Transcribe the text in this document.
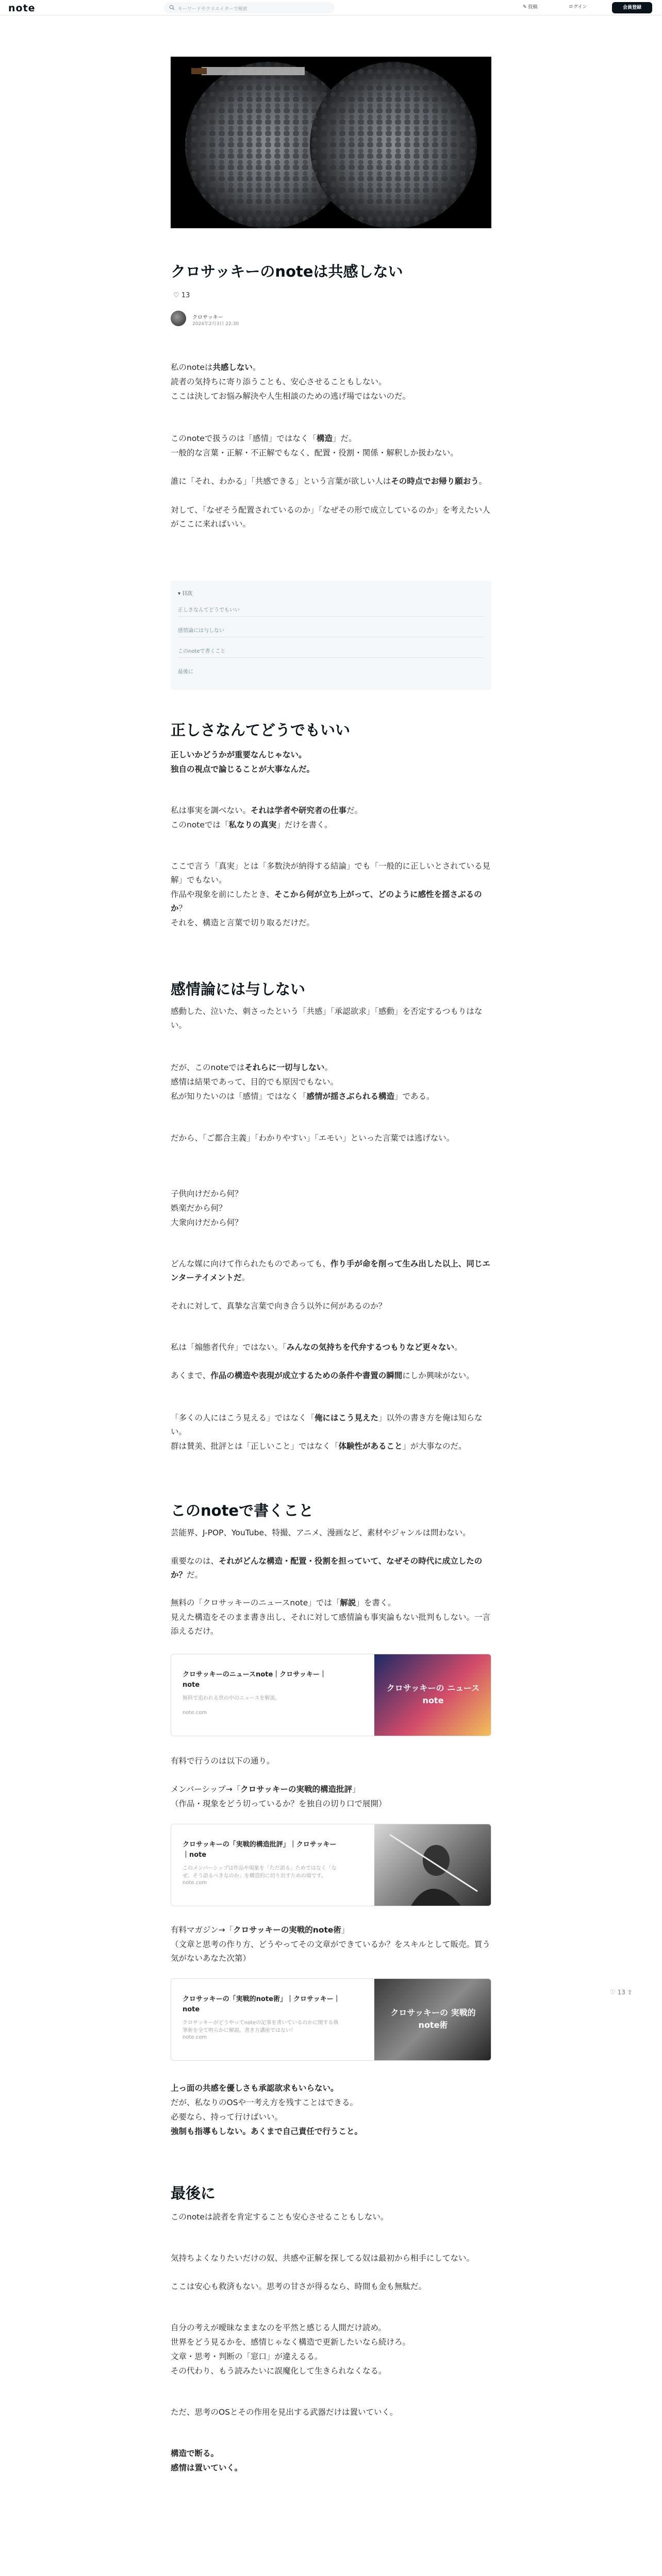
note	キーワードやクリエイターで検索	✎ 投稿	ログイン	会員登録
クロサッキーのnoteは共感しない
♡ 13
クロサッキー
2024年2月3日 22:30
私のnoteは共感しない。
読者の気持ちに寄り添うことも、安心させることもしない。
ここは決してお悩み解決や人生相談のための逃げ場ではないのだ。
このnoteで扱うのは「感情」ではなく「構造」だ。
一般的な言葉・正解・不正解でもなく、配置・役割・関係・解釈しか扱わない。
誰に「それ、わかる」「共感できる」という言葉が欲しい人はその時点でお帰り願おう。
対して、「なぜそう配置されているのか」「なぜその形で成立しているのか」を考えたい人がここに来ればいい。
▾ 目次
正しさなんてどうでもいい
感情論には与しない
このnoteで書くこと
最後に
正しさなんてどうでもいい
正しいかどうかが重要なんじゃない。
独自の視点で論じることが大事なんだ。
私は事実を調べない。それは学者や研究者の仕事だ。
このnoteでは「私なりの真実」だけを書く。
ここで言う「真実」とは「多数決が納得する結論」でも「一般的に正しいとされている見解」でもない。
作品や現象を前にしたとき、そこから何が立ち上がって、どのように感性を揺さぶるのか？
それを、構造と言葉で切り取るだけだ。
感情論には与しない
感動した、泣いた、刺さったという「共感」「承認欲求」「感動」を否定するつもりはない。
だが、このnoteではそれらに一切与しない。
感情は結果であって、目的でも原因でもない。
私が知りたいのは「感情」ではなく「感情が揺さぶられる構造」である。
だから、「ご都合主義」「わかりやすい」「エモい」といった言葉では逃げない。
子供向けだから何？
娯楽だから何？
大衆向けだから何？
どんな媒に向けて作られたものであっても、作り手が命を削って生み出した以上、同じエンターテイメントだ。
それに対して、真摯な言葉で向き合う以外に何があるのか？
私は「煽態者代弁」ではない。「みんなの気持ちを代弁するつもりなど更々ない。
あくまで、作品の構造や表現が成立するための条件や書置の瞬間にしか興味がない。
「多くの人にはこう見える」ではなく「俺にはこう見えた」以外の書き方を俺は知らない。
群は賛美、批評とは「正しいこと」ではなく「体験性があること」が大事なのだ。
このnoteで書くこと
芸能界、J-POP、YouTube、特撮、アニメ、漫画など、素材やジャンルは問わない。
重要なのは、それがどんな構造・配置・役割を担っていて、なぜその時代に成立したのか？だ。
無料の「クロサッキーのニュースnote」では「解説」を書く。
見えた構造をそのまま書き出し、それに対して感情論も事実論もない批判もしない。一言添えるだけ。
クロサッキーのニュースnote｜クロサッキー｜note
無料で追われる世の中のニュースを解説。
note.com
クロサッキーの ニュースnote
有料で行うのは以下の通り。
メンバーシップ→「クロサッキーの実戦的構造批評」
（作品・現象をどう切っているか？を独自の切り口で展開）
クロサッキーの「実戦的構造批評」｜クロサッキー｜note
このメンバーシップは作品や現象を「ただ語る」ためではなく「なぜ、そう語るべきなのか」を構造的に切り出すための場です。
note.com
有料マガジン→「クロサッキーの実戦的note術」
（文章と思考の作り方、どうやってその文章ができているか？をスキルとして販売。買う気がないあなた次第）
クロサッキーの「実戦的note術」｜クロサッキー｜note
クロサッキーがどうやってnoteの記事を書いているのかに関する執筆術を全て明らかに解説。書き方講座ではない！
note.com
クロサッキーの 実戦的note術
上っ面の共感を優しさも承認欲求もいらない。
だが、私なりのOSや一考え方を残すことはできる。
必要なら、持って行けばいい。
強制も指導もしない。あくまで自己責任で行うこと。
最後に
このnoteは読者を肯定することも安心させることもしない。
気持ちよくなりたいだけの奴、共感や正解を探してる奴は最初から相手にしてない。
ここは安心も救済もない。思考の甘さが得るなら、時間も金も無駄だ。
自分の考えが曖昧なままなのを平然と感じる人間だけ読め。
世界をどう見るかを、感情じゃなく構造で更新したいなら続けろ。
文章・思考・判断の「窓口」が違えるる。
その代わり、もう読みたいに誤魔化して生きられなくなる。
ただ、思考のOSとその作用を見出する武器だけは置いていく。
構造で断る。
感情は置いていく。
♡ 13 ⇪
